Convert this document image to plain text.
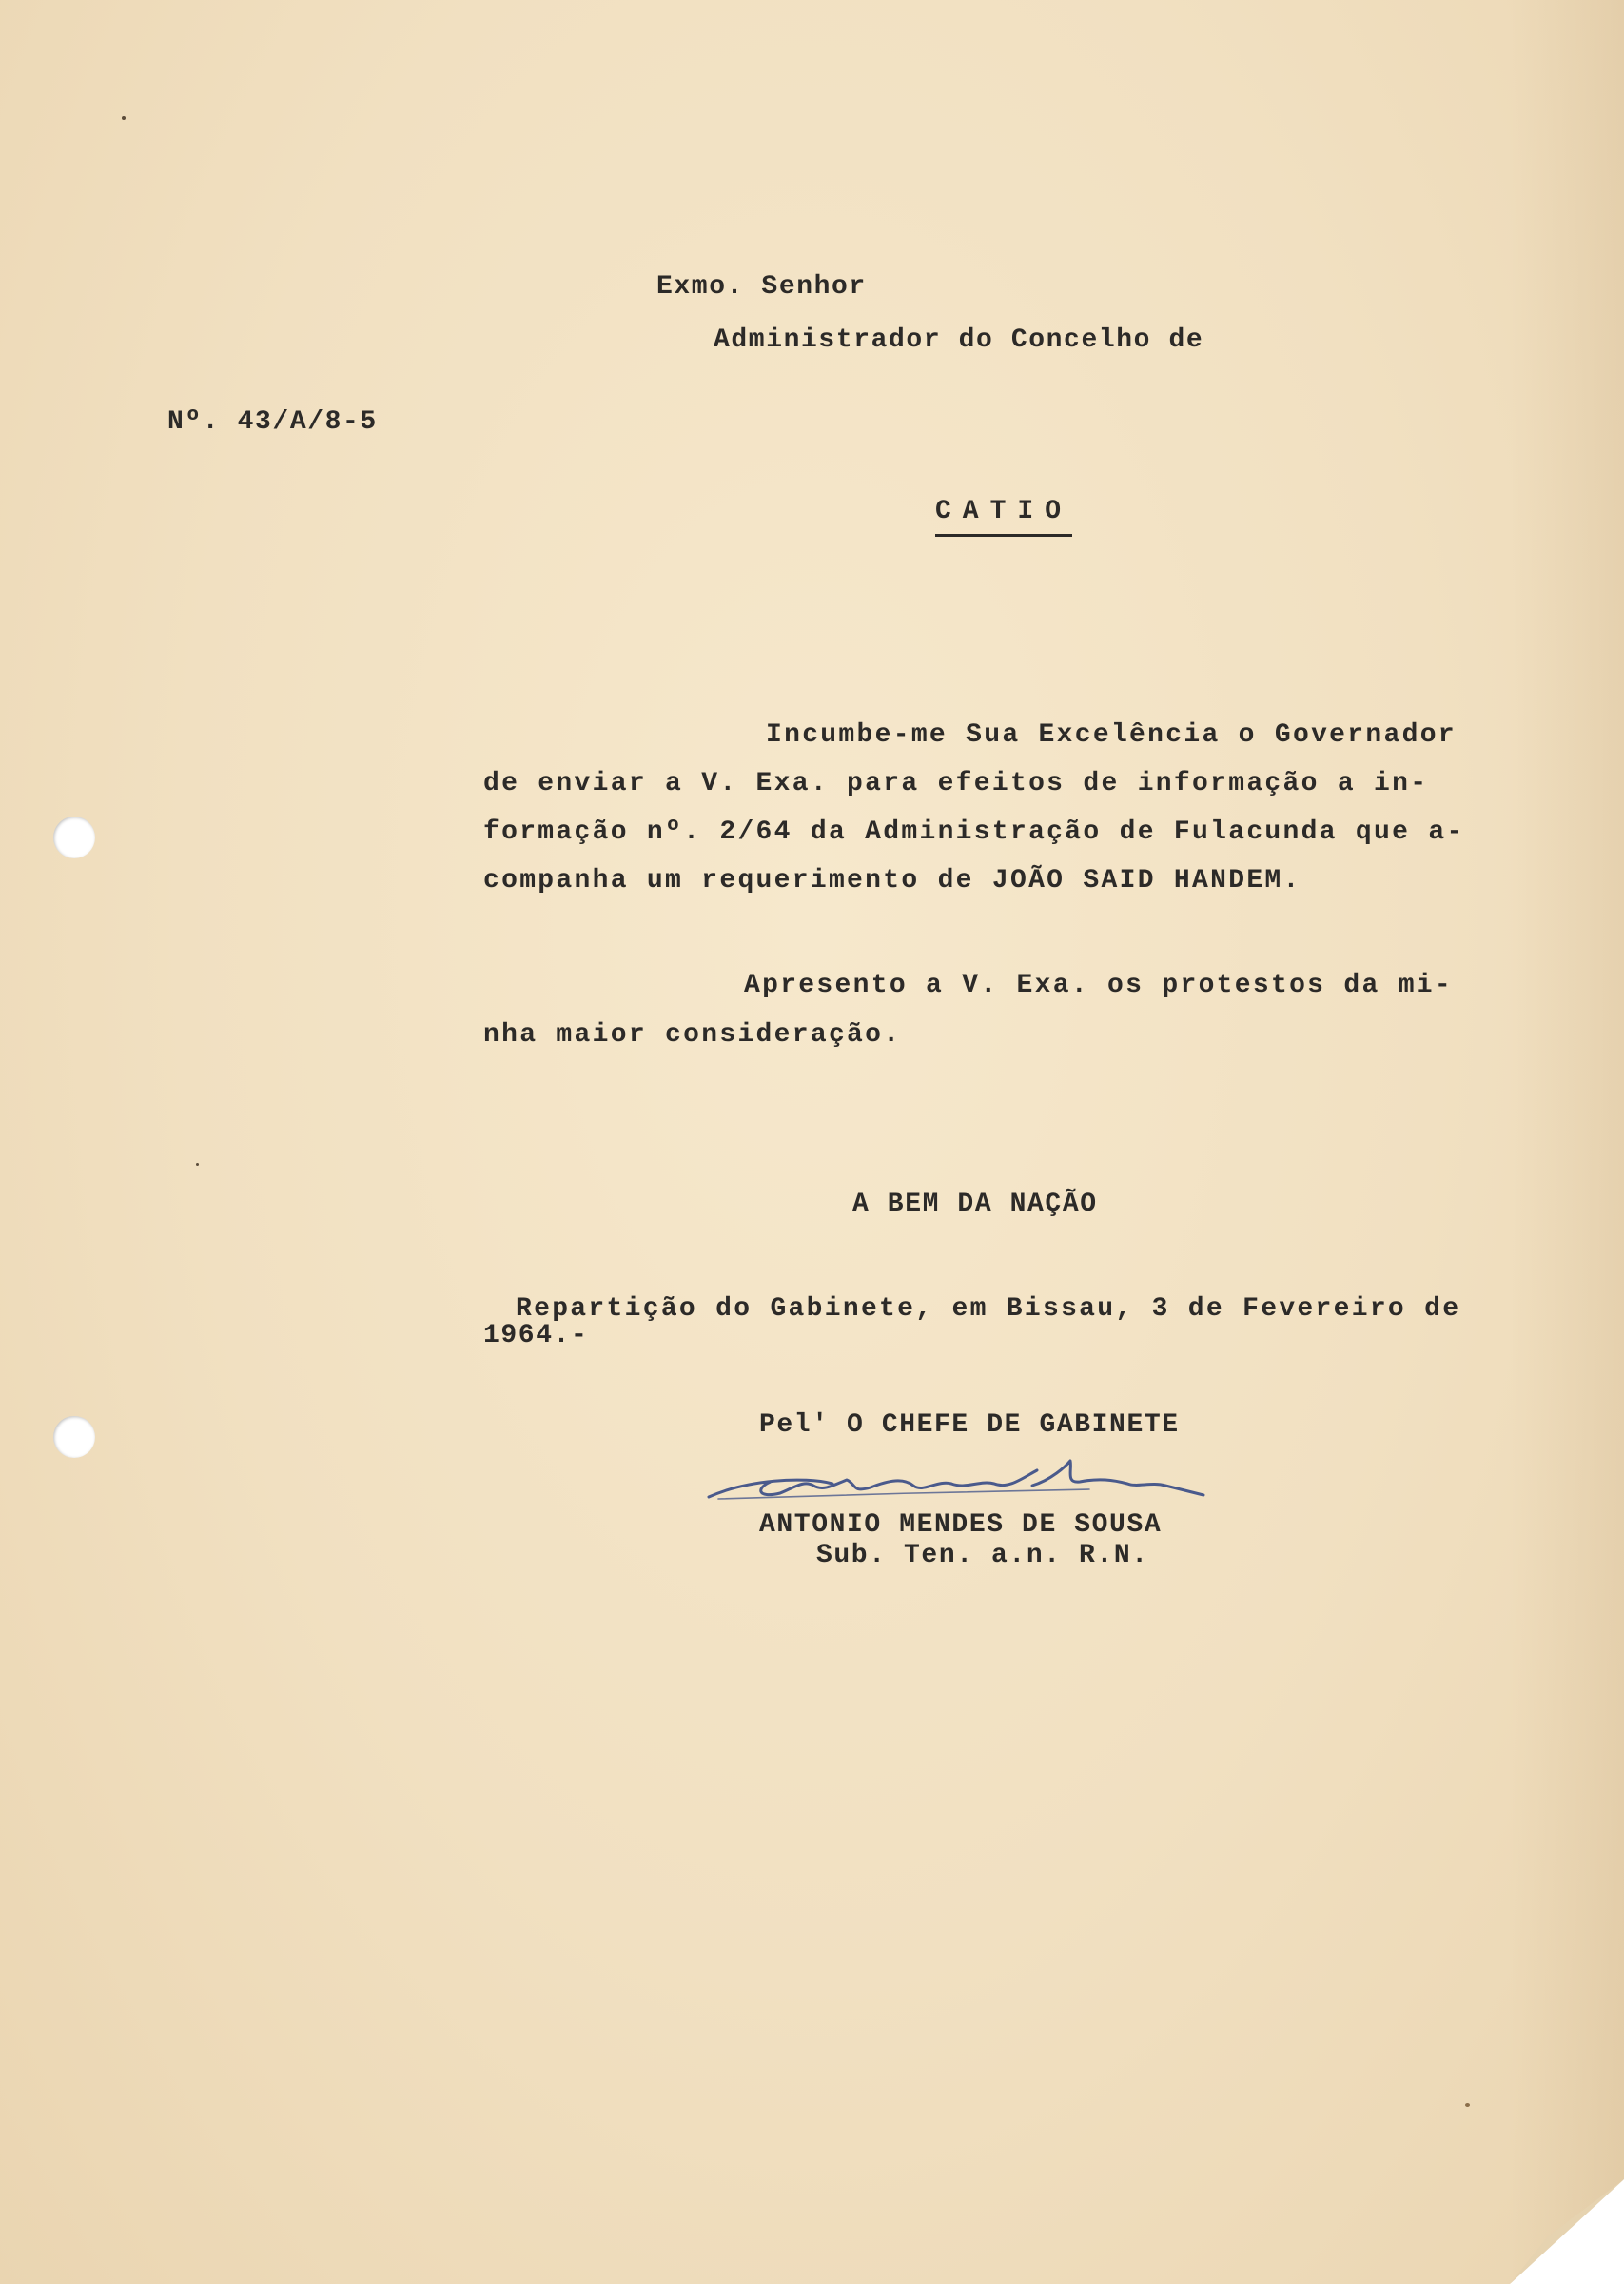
Exmo. Senhor

Administrador do Concelho de

Nº. 43/A/8-5

CATIO

Incumbe-me Sua Excelência o Governador

de enviar a V. Exa. para efeitos de informação a in-

formação nº. 2/64 da Administração de Fulacunda que a-

companha um requerimento de JOÃO SAID HANDEM.

Apresento a V. Exa. os protestos da mi-

nha maior consideração.

A BEM DA NAÇÃO

Repartição do Gabinete, em Bissau, 3 de Fevereiro de

1964.-

Pel' O CHEFE DE GABINETE

ANTONIO MENDES DE SOUSA

Sub. Ten. a.n. R.N.
